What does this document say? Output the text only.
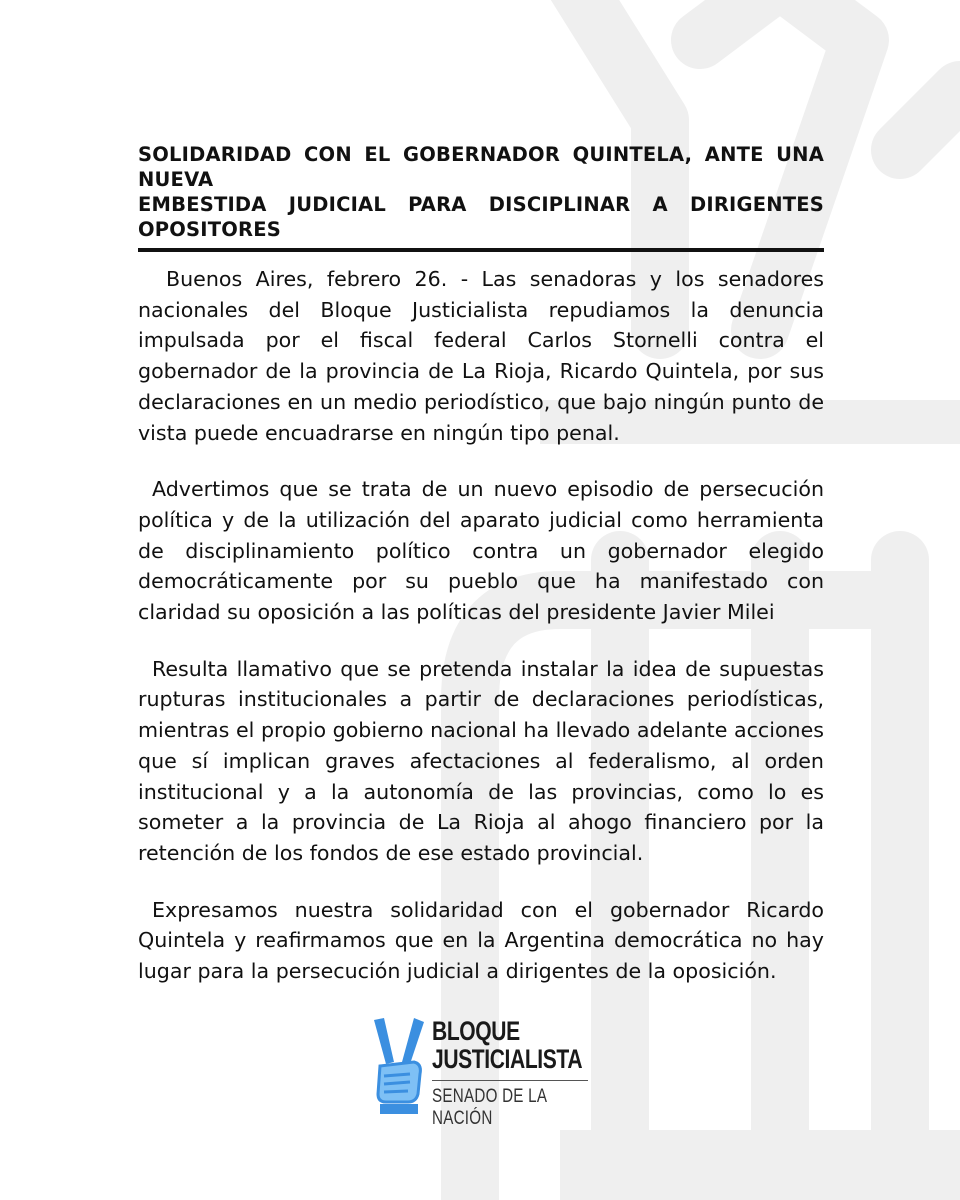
SOLIDARIDAD CON EL GOBERNADOR QUINTELA, ANTE UNA NUEVA
EMBESTIDA JUDICIAL PARA DISCIPLINAR A DIRIGENTES OPOSITORES

Buenos Aires, febrero 26. - Las senadoras y los senadores nacionales del Bloque Justicialista repudiamos la denuncia impulsada por el fiscal federal Carlos Stornelli contra el gobernador de la provincia de La Rioja, Ricardo Quintela, por sus declaraciones en un medio periodístico, que bajo ningún punto de vista puede encuadrarse en ningún tipo penal.

Advertimos que se trata de un nuevo episodio de persecución política y de la utilización del aparato judicial como herramienta de disciplinamiento político contra un gobernador elegido democráticamente por su pueblo que ha manifestado con claridad su oposición a las políticas del presidente Javier Milei

Resulta llamativo que se pretenda instalar la idea de supuestas rupturas institucionales a partir de declaraciones periodísticas, mientras el propio gobierno nacional ha llevado adelante acciones que sí implican graves afectaciones al federalismo, al orden institucional y a la autonomía de las provincias, como lo es someter a la provincia de La Rioja al ahogo financiero por la retención de los fondos de ese estado provincial.

Expresamos nuestra solidaridad con el gobernador Ricardo Quintela y reafirmamos que en la Argentina democrática no hay lugar para la persecución judicial a dirigentes de la oposición.

BLOQUE
JUSTICIALISTA
SENADO DE LA NACIÓN
